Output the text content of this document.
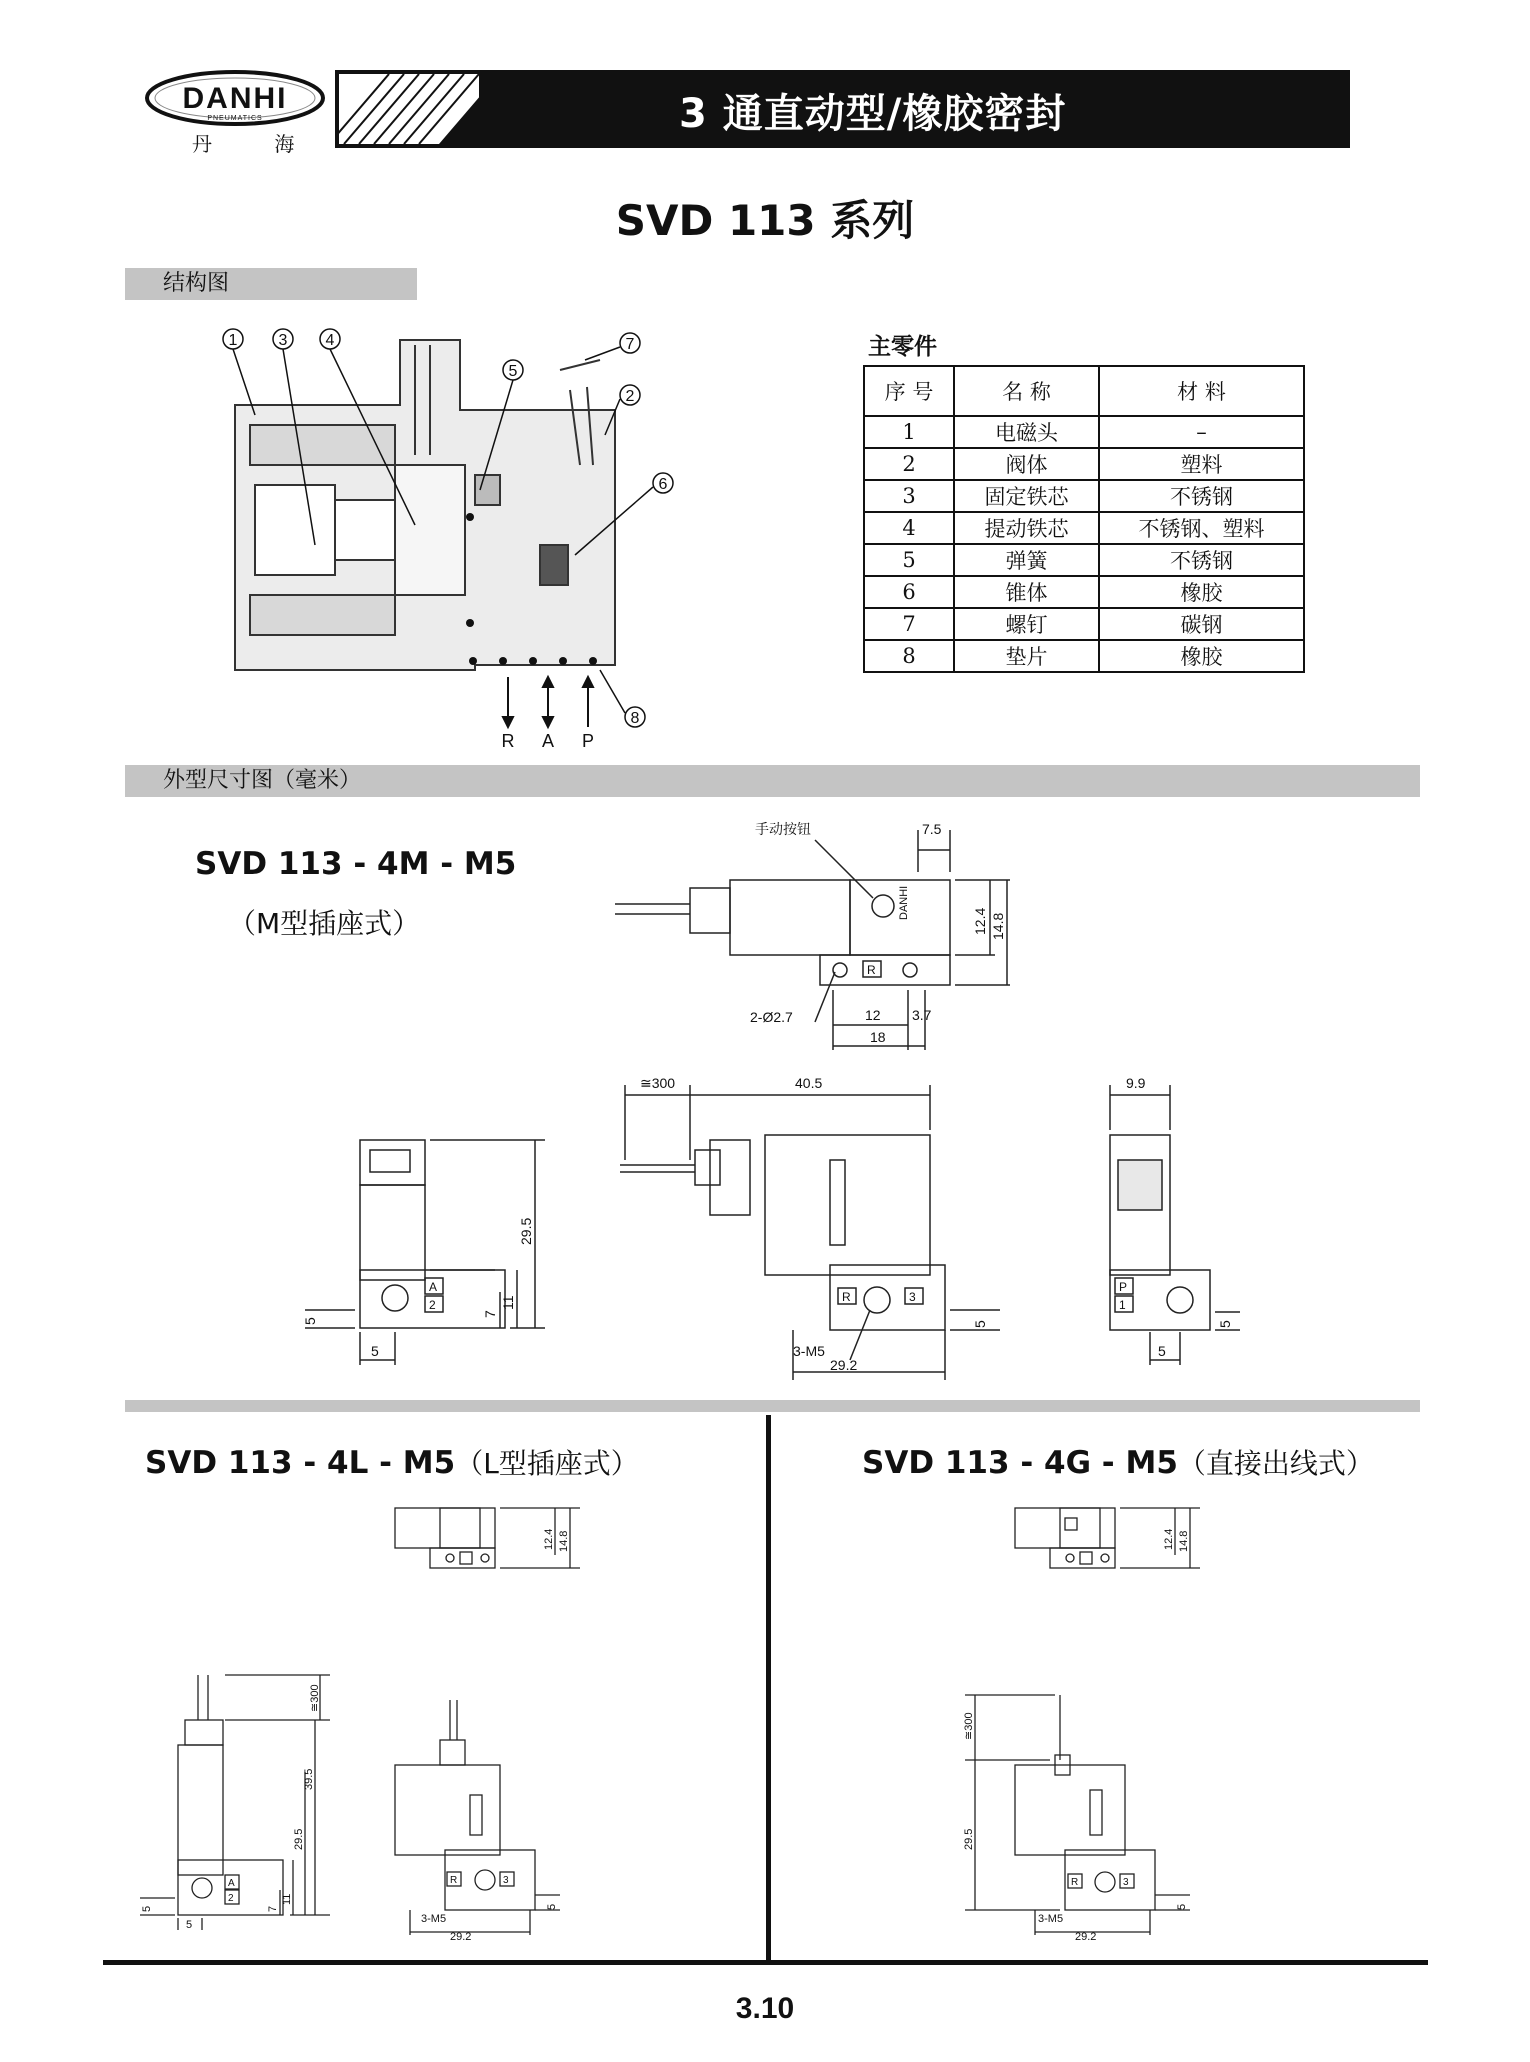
DANHI
PNEUMATICS
丹 海
3 通直动型/橡胶密封
SVD 113 系列
结构图
1	3 4
5
7
2
6
8
R A P
主零件
序 号	名 称	材 料
1	电磁头	–
2	阀体	塑料
3	固定铁芯	不锈钢
4	提动铁芯	不锈钢、塑料
5	弹簧	不锈钢
6	锥体	橡胶
7	螺钉	碳钢
8	垫片	橡胶
外型尺寸图（毫米）
SVD 113 - 4M - M5
（M型插座式）
手动按钮	7.5
DANHI
12.4 14.8
2-Ø2.7	12 3.7
18
R
29.5
11
7
5
5
A
2
≅300	40.5
3-M5
29.2
5
R	3
9.9
5
5
P
1
SVD 113 - 4L - M5（L型插座式）
12.4 14.8
≅300
39.5
29.5
11
7
5
5
A
2
3-M5
29.2
5
R	3
SVD 113 - 4G - M5（直接出线式）
12.4 14.8
≅300
29.5
3-M5
29.2
5
R	3
3.10
